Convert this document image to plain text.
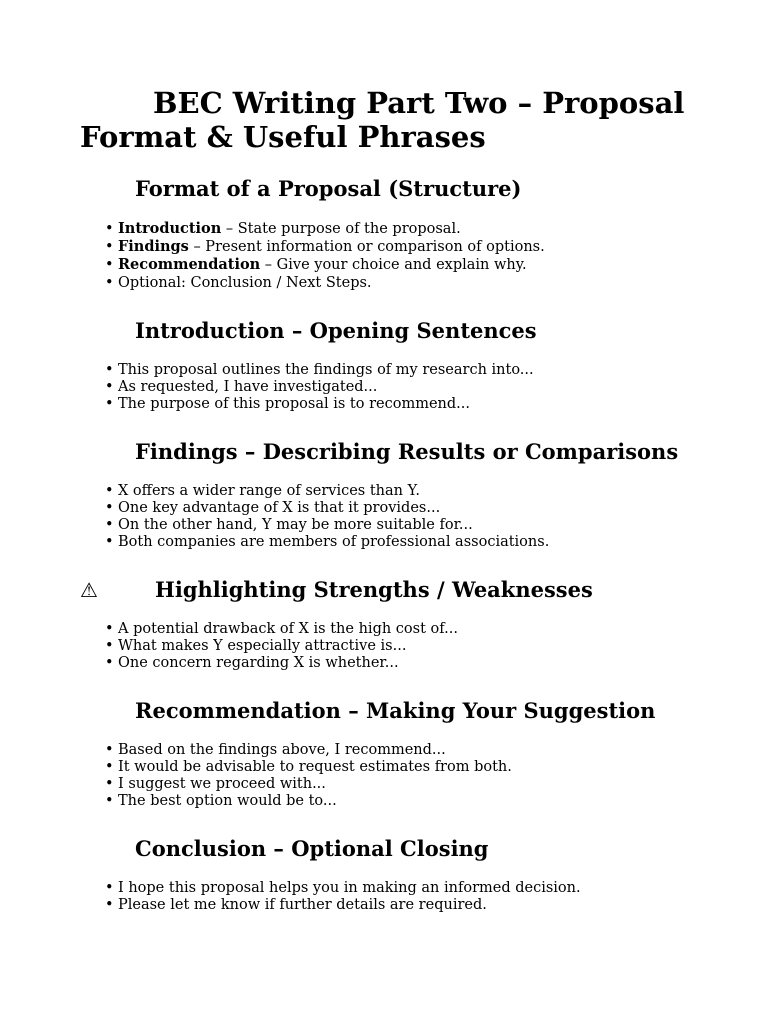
BEC Writing Part Two – Proposal Format & Useful Phrases
Format of a Proposal (Structure)
• Introduction – State purpose of the proposal.
• Findings – Present information or comparison of options.
• Recommendation – Give your choice and explain why.
• Optional: Conclusion / Next Steps.
Introduction – Opening Sentences
• This proposal outlines the findings of my research into...
• As requested, I have investigated...
• The purpose of this proposal is to recommend...
Findings – Describing Results or Comparisons
• X offers a wider range of services than Y.
• One key advantage of X is that it provides...
• On the other hand, Y may be more suitable for...
• Both companies are members of professional associations.
⚠	Highlighting Strengths / Weaknesses
• A potential drawback of X is the high cost of...
• What makes Y especially attractive is...
• One concern regarding X is whether...
Recommendation – Making Your Suggestion
• Based on the findings above, I recommend...
• It would be advisable to request estimates from both.
• I suggest we proceed with...
• The best option would be to...
Conclusion – Optional Closing
• I hope this proposal helps you in making an informed decision.
• Please let me know if further details are required.
